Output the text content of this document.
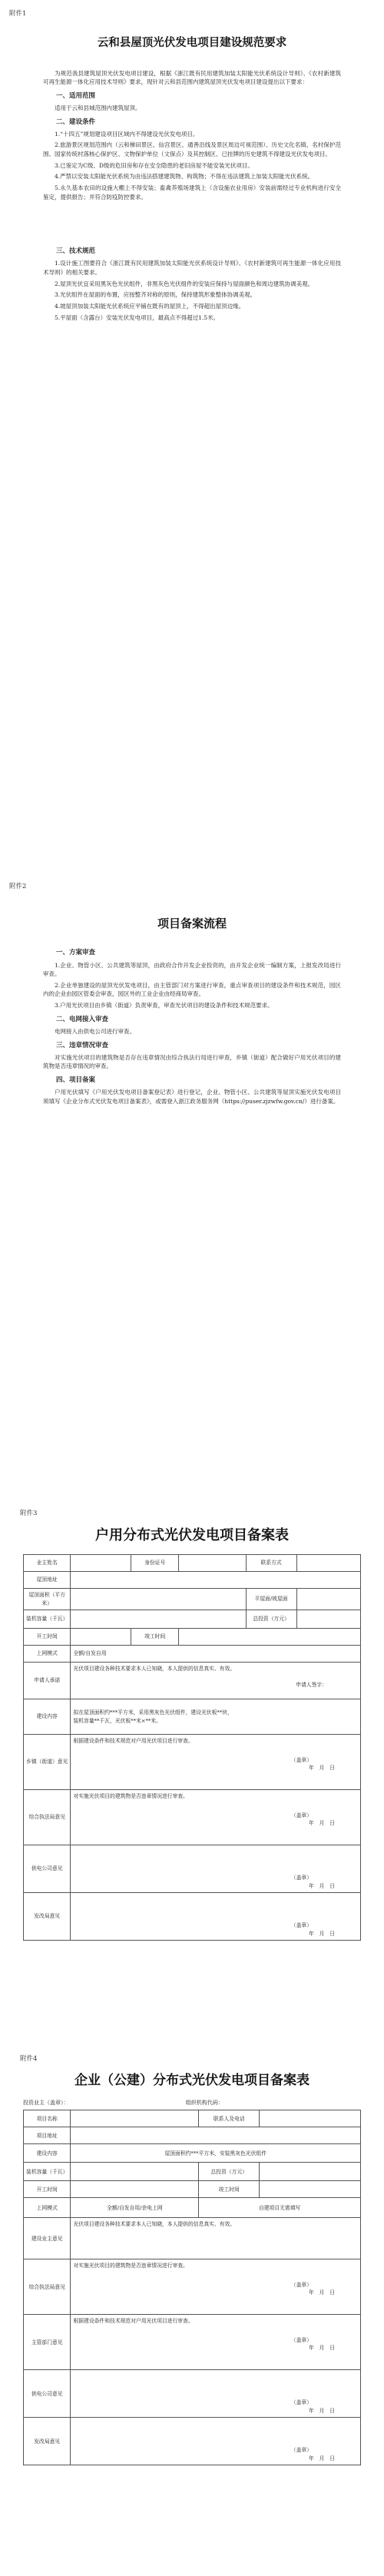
附件1

云和县屋顶光伏发电项目建设规范要求

为规范我县建筑屋顶光伏发电项目建设，根据《浙江既有民用建筑加装太阳能光伏系统设计导则》、《农村新建筑可再生能源一体化应用技术导则》要求，现针对云和县范围内建筑屋顶光伏发电项目建设提出以下要求：

一、适用范围

适用于云和县城范围内建筑屋顶。

二、建设条件

1.“十四五”规划建设项目区域内不得建设光伏发电项目。

2.旅游景区规划范围内（云和梯田景区、仙宫景区、通善沿线及景区周边可视范围）、历史文化名镇、名村保护范围、国家传统村落核心保护区、文物保护单位（文保点）及其控制区、已挂牌的历史建筑不得建设光伏发电项目。

3.已鉴定为C级、D级的危旧房和存在安全隐患的老旧房屋不能安装光伏项目。

4.严禁以安装太阳能光伏系统为由违法搭建建筑物、构筑物；不得在违法建筑上加装太阳能光伏系统。

5.永久基本农田的设施大棚上不得安装；畜禽养殖场建筑上（含设施农业用房）安装前需经过专业机构进行安全鉴定，提供报告；并符合防疫防控要求。

三、技术规范

1.设计施工图要符合《浙江既有民用建筑加装太阳能光伏系统设计导则》、《农村新建筑可再生能源一体化应用技术导则》的相关要求。

2.屋顶光伏宜采用黑灰色光伏组件，非黑灰色光伏组件的安装应保持与屋面颜色和周边建筑协调美观。

3.光伏组件在屋面的布置，应按整齐对称的原则，保持建筑形象整体协调美观。

4.坡屋顶加装太阳能光伏系统应平铺在既有的屋顶上，不得超出屋顶边缘。

5.平屋面（含露台）安装光伏发电项目，最高点不得超过1.5米。

附件2

项目备案流程
一、方案审查

1.企业、物管小区、公共建筑等屋顶，由政府合作开发企业投资的，由开发企业统一编制方案，上报发改局进行审查。

2.企业单独建设的屋顶光伏发电项目，由主管部门对方案进行审查，重点审查项目的建设条件和技术规范，园区内的企业由园区管委会审查，园区外的工业企业由经商局审查。

3.户用光伏项目由乡镇（街道）负责审查，审查光伏项目的建设条件和技术规范要求。

二、电网接入审查

电网接入由供电公司进行审查。

三、违章情况审查

对实施光伏项目的建筑物是否存在违章情况由综合执法行局进行审查，乡镇（街道）配合做好户用光伏项目的建筑物是否违章情况的审查。

四、项目备案

户用光伏填写《户用光伏发电项目备案登记表》进行登记，企业、物管小区、公共建筑等屋顶实施光伏发电项目须填写《企业分布式光伏发电项目备案表》，或需登入浙江政务服务网（https://puser.zjzwfw.gov.cn/）进行备案。

附件3

户用分布式光伏发电项目备案表
业主姓名		身份证号		联系方式	
屋顶地址					
屋顶面积（平方米）				平屋面/坡屋面	
装机容量（千瓦）				总投资（万元）	
开工时间		竣工时间			
上网模式	全额/自发自用				
申请人承诺	光伏项目建设各种技术要求本人已知晓，本人提供的信息真实、有效。
申请人签字：				

建设内容	拟在屋顶面积约***平方米，采用黑灰色光伏组件，建设光伏板**块，
装机容量**千瓦，光伏板**米×**米。				

乡镇（街道）意见	根据建设条件和技术规范对户用光伏项目进行审查。
（盖章）
年　月　日				

综合执法局意见	对实施光伏项目的建筑物是否违章情况进行审查。
（盖章）
年　月　日				

供电公司意见	（盖章）
年　月　日				

发改局意见	（盖章）
年　月　日				

附件4

企业（公建）分布式光伏发电项目备案表
投资业主（盖章）：	组织机构代码：
项目名称		联系人及电话	
项目地址			
建设内容	屋顶面积约***平方米，安装黑灰色光伏组件		
装机容量（千瓦）		总投资（万元）	
开工时间		竣工时间	
上网模式	全额/自发自用/余电上网	自建项目无需填写	
建设业主意见	光伏项目建设各种技术要求本人已知晓，本人提供的信息真实、有效。		

综合执法局意见	对实施光伏项目的建筑物是否违章情况进行审查。
（盖章）
年　月　日		

主管部门意见	根据建设条件和技术规范对户用光伏项目进行审查。
（盖章）
年　月　日		

供电公司意见	（盖章）
年　月　日		

发改局意见	（盖章）
年　月　日		
